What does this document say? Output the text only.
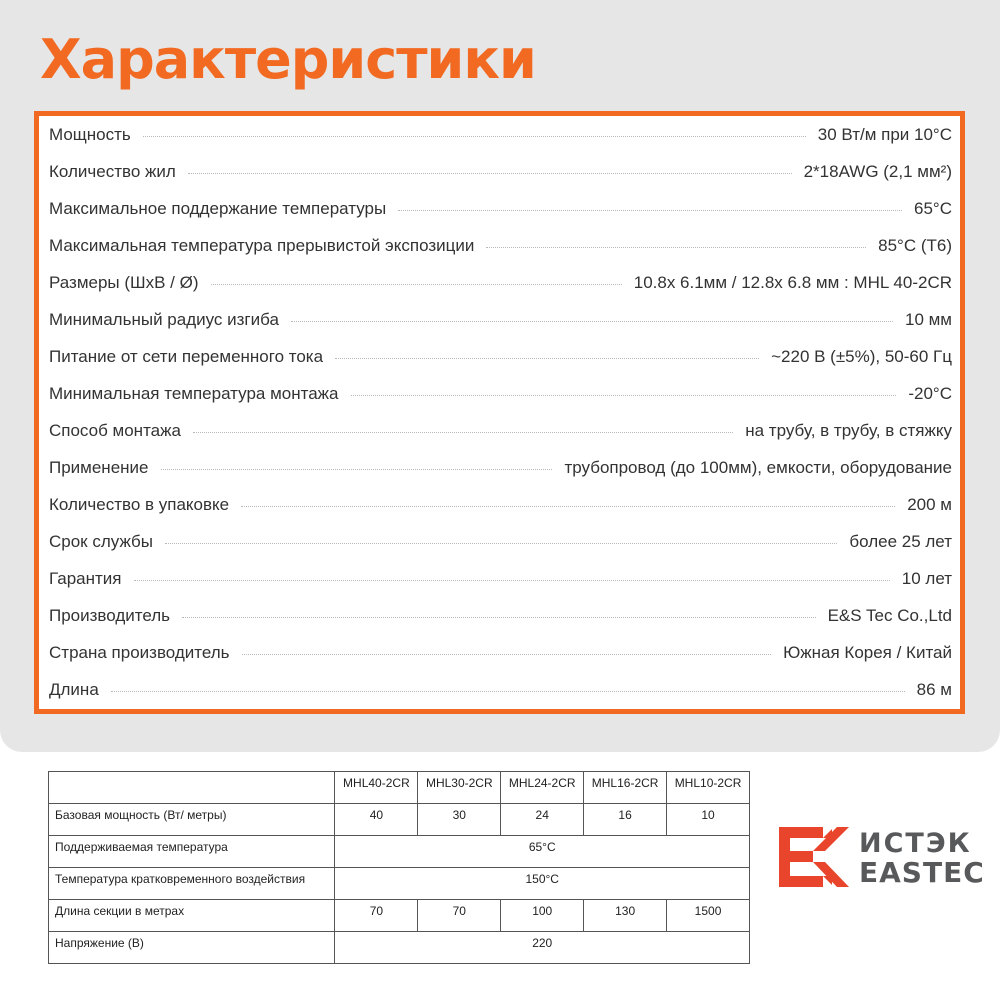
Характеристики
Мощность	30 Вт/м при 10°C
Количество жил	2*18AWG (2,1 мм²)
Максимальное поддержание температуры	65°C
Максимальная температура прерывистой экспозиции	85°C (Т6)
Размеры (ШхВ / Ø)	10.8x 6.1мм / 12.8x 6.8 мм : MHL 40-2CR
Минимальный радиус изгиба	10 мм
Питание от сети переменного тока	~220 В (±5%), 50-60 Гц
Минимальная температура монтажа	-20°C
Способ монтажа	на трубу, в трубу, в стяжку
Применение	трубопровод (до 100мм), емкости, оборудование
Количество в упаковке	200 м
Срок службы	более 25 лет
Гарантия	10 лет
Производитель	E&S Tec Co.,Ltd
Страна производитель	Южная Корея / Китай
Длина	86 м
	MHL40-2CR	MHL30-2CR	MHL24-2CR	MHL16-2CR	MHL10-2CR
Базовая мощность (Вт/ метры)	40	30	24	16	10
Поддерживаемая температура	65°C				
Температура кратковременного воздействия	150°C				
Длина секции в метрах	70	70	100	130	1500
Напряжение (В)	220				
ИСТЭК
EASTEC
